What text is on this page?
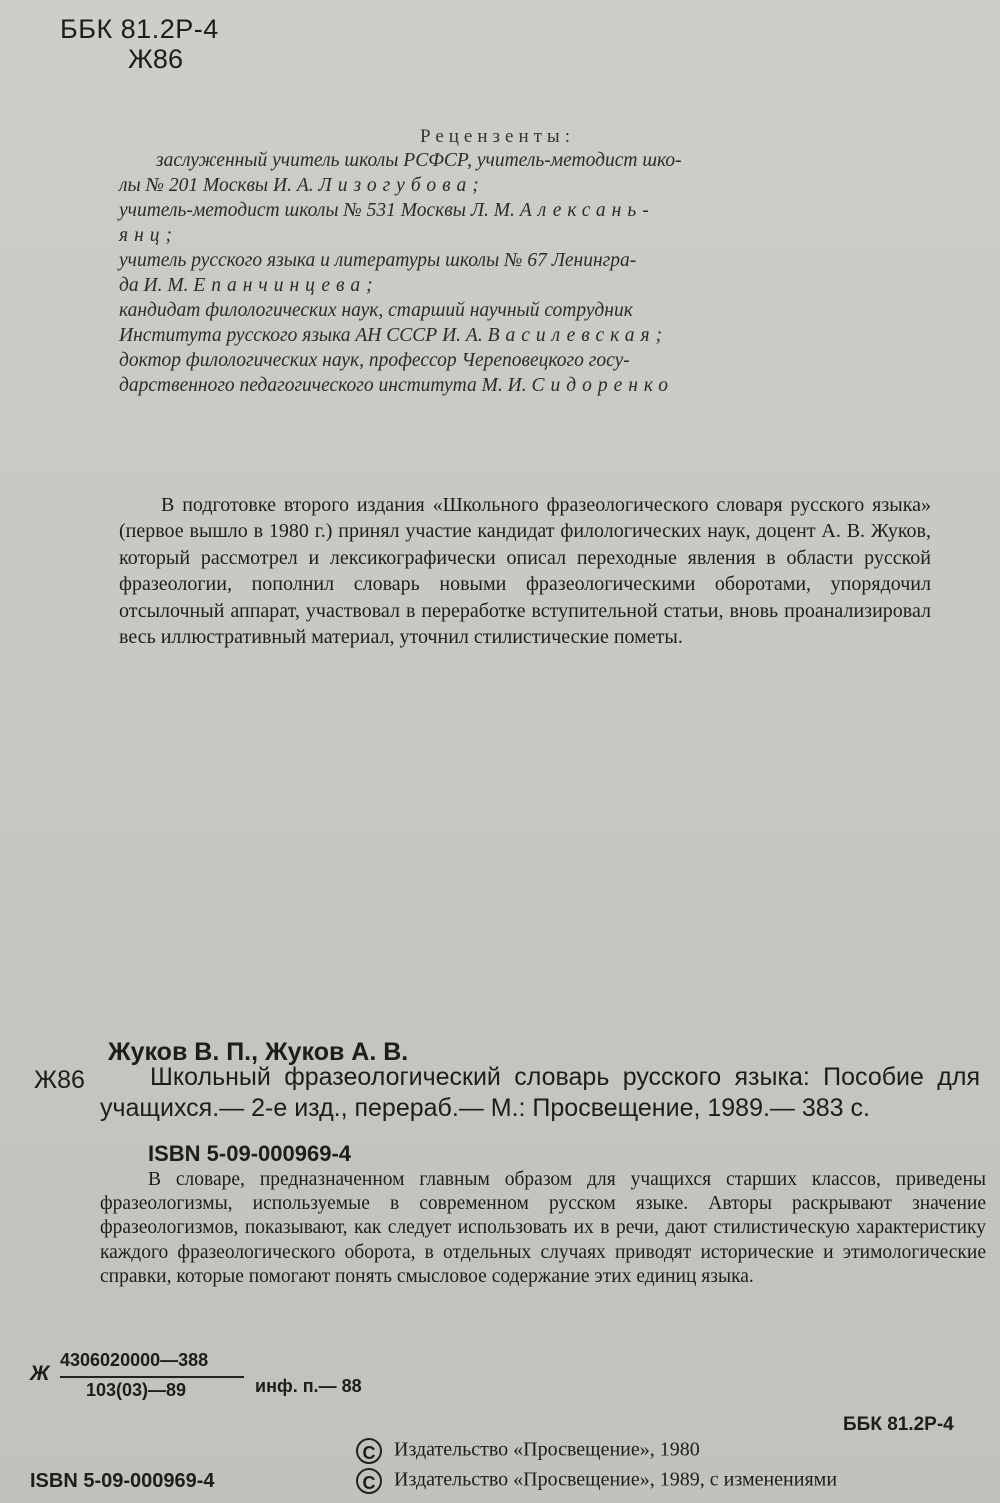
ББК 81.2Р-4
Ж86
Рецензенты:
заслуженный учитель школы РСФСР, учитель-методист шко-
лы № 201 Москвы И. А. Лизогубова;
учитель-методист школы № 531 Москвы Л. М. Алексань-
янц;
учитель русского языка и литературы школы № 67 Ленингра-
да И. М. Епанчинцева;
кандидат филологических наук, старший научный сотрудник
Института русского языка АН СССР И. А. Василевская;
доктор филологических наук, профессор Череповецкого госу-
дарственного педагогического института М. И. Сидоренко

В подготовке второго издания «Школьного фразеологического словаря русского языка» (первое вышло в 1980 г.) принял участие кандидат филологических наук, доцент А. В. Жуков, который рассмотрел и лексикографически описал переходные явления в области русской фразеологии, пополнил словарь новыми фразеологическими оборотами, упорядочил отсылочный аппарат, участвовал в переработке вступительной статьи, вновь проанализировал весь иллюстративный материал, уточнил стилистические пометы.

Жуков В. П., Жуков А. В.
Ж86	Школьный фразеологический словарь русского языка: Пособие для учащихся.— 2-е изд., перераб.— М.: Просвещение, 1989.— 383 с.
ISBN 5-09-000969-4
В словаре, предназначенном главным образом для учащихся старших классов, приведены фразеологизмы, используемые в современном русском языке. Авторы раскрывают значение фразеологизмов, показывают, как следует использовать их в речи, дают стилистическую характеристику каждого фразеологического оборота, в отдельных случаях приводят исторические и этимологические справки, которые помогают понять смысловое содержание этих единиц языка.
Ж
4306020000—388
103(03)—89	инф. п.— 88
ББК 81.2Р-4
C Издательство «Просвещение», 1980
ISBN 5-09-000969-4	C Издательство «Просвещение», 1989, с изменениями
